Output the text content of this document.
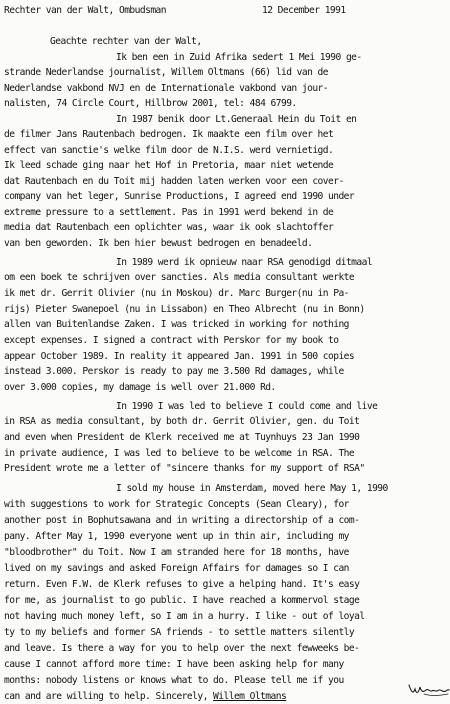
Rechter van der Walt, Ombudsman	12 December 1991
Geachte rechter van der Walt,
Ik ben een in Zuid Afrika sedert 1 Mei 1990 ge-
strande Nederlandse journalist, Willem Oltmans (66) lid van de
Nederlandse vakbond NVJ en de Internationale vakbond van jour-
nalisten, 74 Circle Court, Hillbrow 2001, tel: 484 6799.
In 1987 benik door Lt.Generaal Hein du Toit en
de filmer Jans Rautenbach bedrogen. Ik maakte een film over het
effect van sanctie's welke film door de N.I.S. werd vernietigd.
Ik leed schade ging naar het Hof in Pretoria, maar niet wetende
dat Rautenbach en du Toit mij hadden laten werken voor een cover-
company van het leger, Sunrise Productions, I agreed end 1990 under
extreme pressure to a settlement. Pas in 1991 werd bekend in de
media dat Rautenbach een oplichter was, waar ik ook slachtoffer
van ben geworden. Ik ben hier bewust bedrogen en benadeeld.
In 1989 werd ik opnieuw naar RSA genodigd ditmaal
om een boek te schrijven over sancties. Als media consultant werkte
ik met dr. Gerrit Olivier (nu in Moskou) dr. Marc Burger(nu in Pa-
rijs) Pieter Swanepoel (nu in Lissabon) en Theo Albrecht (nu in Bonn)
allen van Buitenlandse Zaken. I was tricked in working for nothing
except expenses. I signed a contract with Perskor for my book to
appear October 1989. In reality it appeared Jan. 1991 in 500 copies
instead 3.000. Perskor is ready to pay me 3.500 Rd damages, while
over 3.000 copies, my damage is well over 21.000 Rd.
In 1990 I was led to believe I could come and live
in RSA as media consultant, by both dr. Gerrit Olivier, gen. du Toit
and even when President de Klerk received me at Tuynhuys 23 Jan 1990
in private audience, I was led to believe to be welcome in RSA. The
President wrote me a letter of "sincere thanks for my support of RSA"
I sold my house in Amsterdam, moved here May 1, 1990
with suggestions to work for Strategic Concepts (Sean Cleary), for
another post in Bophutsawana and in writing a directorship of a com-
pany. After May 1, 1990 everyone went up in thin air, including my
"bloodbrother" du Toit. Now I am stranded here for 18 months, have
lived on my savings and asked Foreign Affairs for damages so I can
return. Even F.W. de Klerk refuses to give a helping hand. It's easy
for me, as journalist to go public. I have reached a kommervol stage
not having much money left, so I am in a hurry. I like - out of loyal
ty to my beliefs and former SA friends - to settle matters silently
and leave. Is there a way for you to help over the next fewweeks be-
cause I cannot afford more time: I have been asking help for many
months: nobody listens or knows what to do. Please tell me if you
can and are willing to help. Sincerely, Willem Oltmans
